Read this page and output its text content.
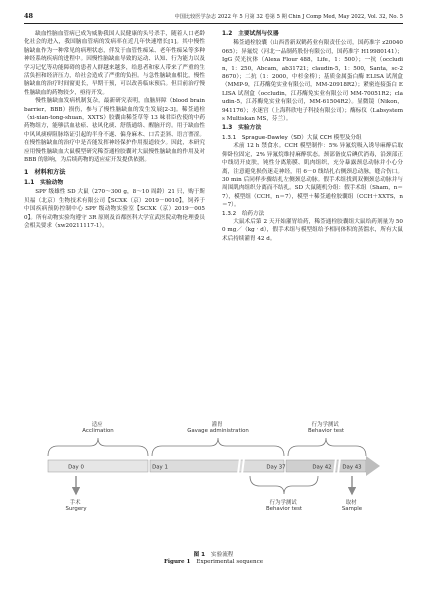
48	中国比较医学杂志 2022 年 5 月第 32 卷第 5 期 Chin J Comp Med, May 2022, Vol. 32, No. 5

缺血性脑血管病已成为威胁我国人民健康的头号杀手，随着人口老龄化社会的进入，我国脑血管病的发病率在近几年快速增长[1]。其中慢性脑缺血作为一种常见的病理状态，伴发于血管性痴呆、老年性痴呆等多种神经系统疾病的进程中。因慢性脑缺血导致的运动、认知、行为能力以及学习记忆等功能障碍的患者人群越来越多，给患者和家人带来了严重的生活负担和经济压力，给社会造成了严重的负担。与急性脑缺血相比，慢性脑缺血的治疗时间窗更长，早期干预，可以改善临床预后。但目前治疗慢性脑缺血的药物较少，亟待开发。

慢性脑缺血发病机制复杂，最新研究表明，血脑屏障（blood brain barrier，BBB）损伤，参与了慢性脑缺血的发生发展[2-3]。稀莶通栓（xi-xian-tong-shuan，XXTS）胶囊由稀莶草等 13 味君臣佐使的中药药物组方，能够活血祛瘀、祛风化痰、舒筋通络、醒脑开窍。用于缺血性中风风痰痹阻脉络证引起的半身不遂、偏身麻木、口舌歪斜、语言謇涩。在慢性脑缺血的治疗中是否能发挥神经保护作用报道较少。因此，本研究应用慢性脑缺血大鼠模型研究稀莶通栓胶囊对大鼠慢性脑缺血的作用及对 BBB 的影响，为后续药物的适应症开发提供依据。

1　材料和方法
1.1　实验动物

SPF 级雄性 SD 大鼠（270～300 g，8～10 周龄）21 只，购于斯贝福（北京）生物技术有限公司【SCXK（京）2019－0010】，饲养于中国疾病预防控制中心 SPF 级动物实验室【SCXK（京）2019－0050】。所有动物实验均遵守 3R 原则及首都医科大学宣武医院动物伦理委员会相关要求（xw20211117-1）。

1.2　主要试剂与仪器

稀莶通栓胶囊（山西普新双鹤药业有限责任公司，国药准字 z20040065）；异氟烷（河北一品制药股份有限公司，国药准字 H19980141）；IgG 荧光抗体（Alexa Flour 488，Life，1：500）；一抗（occludin，1：250，Abcam，ab31721；claudin-5，1：500，Santa，sc-28670）；二抗（1：2000，中杉金桥）；基质金属蛋白酶 ELISA 试剂盒（MMP-9，江苏酶免实业有限公司，MM-20918R2）；紧密连接蛋白 ELISA 试剂盒（occludin，江苏酶免实业有限公司 MM-70051R2；claudin-5，江苏酶免实业有限公司，MM-61504R2）。显微镜（Nikon，941176）；水迷宫（上海科欣电子科技有限公司）；酶标仪（Labsystems Multiskan MS，芬兰）。

1.3　实验方法
1.3.1　Sprague-Dawley（SD）大鼠 CCH 模型及分组

术前 12 h 禁食水。CCH 模型制作：5% 异氟烷吸入诱导麻醉后取仰卧位固定，2% 异氟烷维持麻醉状态。颈部备皮后碘伏消毒，沿颈部正中线切开皮肤，钝性分离筋膜、肌肉组织，充分暴露颈总动脉并小心分离，注意避免损伤迷走神经，用 6－0 线结扎右侧颈总动脉，缝合伤口。30 min 后同样步骤结扎左侧颈总动脉。假手术组找到双侧颈总动脉并与周围肌肉组织分离而不结扎。SD 大鼠随机分组：假手术组（Sham，n＝7），模型组（CCH，n＝7），模型＋稀莶通栓胶囊组（CCH＋XXTS，n＝7）。

1.3.2　给药方法

大鼠术后第 2 天开始灌胃给药，稀莶通栓胶囊组大鼠给药剂量为 500 mg／（kg · d），假手术组与模型组给予相同体积的蒸馏水，所有大鼠术后持续灌胃 42 d。

适应 Acclimation
灌胃 Gavage administration
行为学测试 Behavior test
Day 0	Day 1	Day 37	Day 42 Day 43
手术 Surgery
行为学测试 Behavior test
取材 Sample
图 1 实验流程
Figure 1 Experimental sequence
